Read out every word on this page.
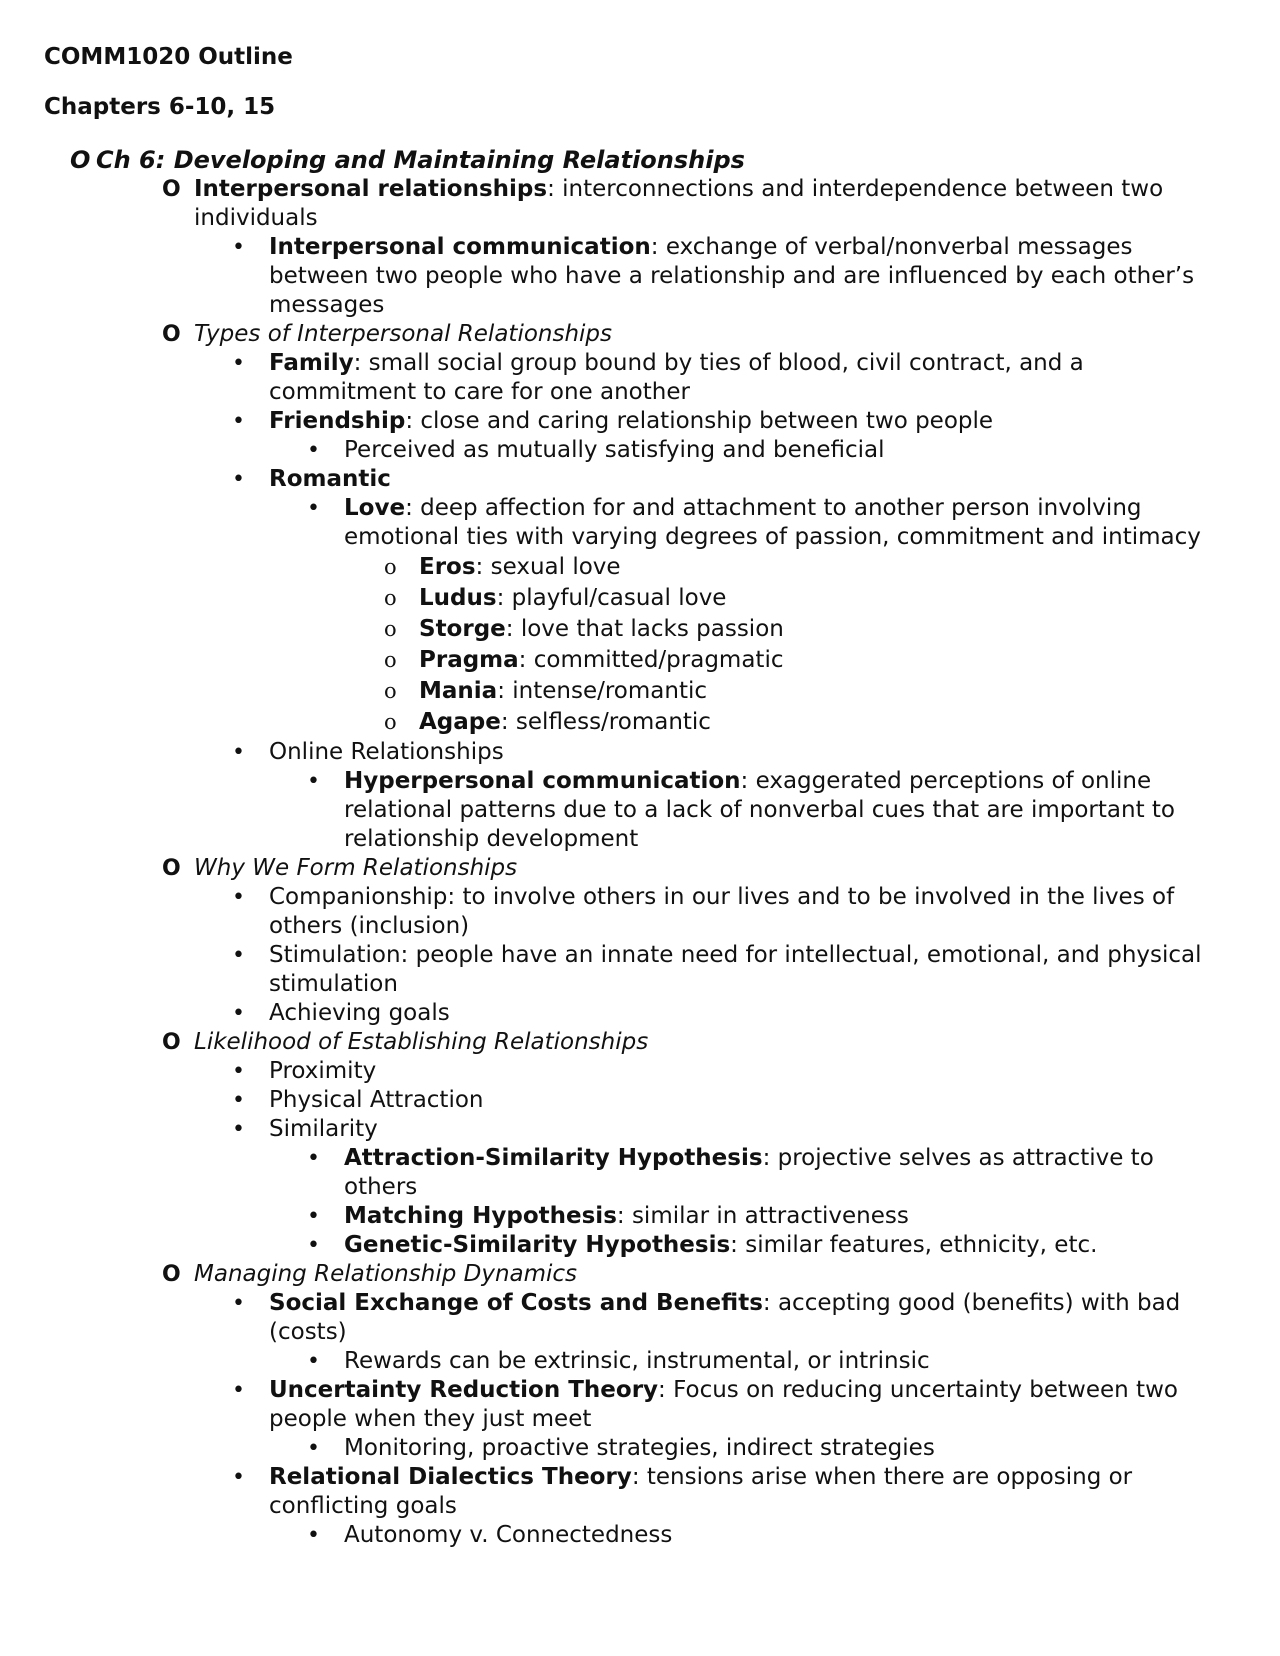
COMM1020 Outline
Chapters 6-10, 15
O Ch 6: Developing and Maintaining Relationships
O Interpersonal relationships: interconnections and interdependence between two individuals
• Interpersonal communication: exchange of verbal/nonverbal messages between two people who have a relationship and are influenced by each other’s messages
O Types of Interpersonal Relationships
• Family: small social group bound by ties of blood, civil contract, and a commitment to care for one another
• Friendship: close and caring relationship between two people
• Perceived as mutually satisfying and beneficial
• Romantic
• Love: deep affection for and attachment to another person involving emotional ties with varying degrees of passion, commitment and intimacy
o Eros: sexual love
o Ludus: playful/casual love
o Storge: love that lacks passion
o Pragma: committed/pragmatic
o Mania: intense/romantic
o Agape: selfless/romantic
• Online Relationships
• Hyperpersonal communication: exaggerated perceptions of online relational patterns due to a lack of nonverbal cues that are important to relationship development
O Why We Form Relationships
• Companionship: to involve others in our lives and to be involved in the lives of others (inclusion)
• Stimulation: people have an innate need for intellectual, emotional, and physical stimulation
• Achieving goals
O Likelihood of Establishing Relationships
• Proximity
• Physical Attraction
• Similarity
• Attraction-Similarity Hypothesis: projective selves as attractive to others
• Matching Hypothesis: similar in attractiveness
• Genetic-Similarity Hypothesis: similar features, ethnicity, etc.
O Managing Relationship Dynamics
• Social Exchange of Costs and Benefits: accepting good (benefits) with bad (costs)
• Rewards can be extrinsic, instrumental, or intrinsic
• Uncertainty Reduction Theory: Focus on reducing uncertainty between two people when they just meet
• Monitoring, proactive strategies, indirect strategies
• Relational Dialectics Theory: tensions arise when there are opposing or conflicting goals
• Autonomy v. Connectedness
